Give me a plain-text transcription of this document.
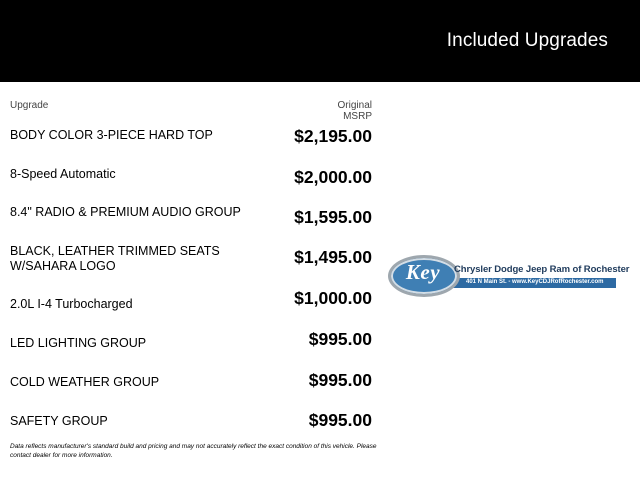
Included Upgrades
Upgrade	Original MSRP
BODY COLOR 3-PIECE HARD TOP	$2,195.00
8-Speed Automatic	$2,000.00
8.4" RADIO & PREMIUM AUDIO GROUP	$1,595.00
BLACK, LEATHER TRIMMED SEATS W/SAHARA LOGO	$1,495.00
2.0L I-4 Turbocharged	$1,000.00
LED LIGHTING GROUP	$995.00
COLD WEATHER GROUP	$995.00
SAFETY GROUP	$995.00
Data reflects manufacturer's standard build and pricing and may not accurately reflect the exact condition of this vehicle. Please contact dealer for more information.
Key	Chrysler Dodge Jeep Ram of Rochester
401 N Main St. - www.KeyCDJRofRochester.com
